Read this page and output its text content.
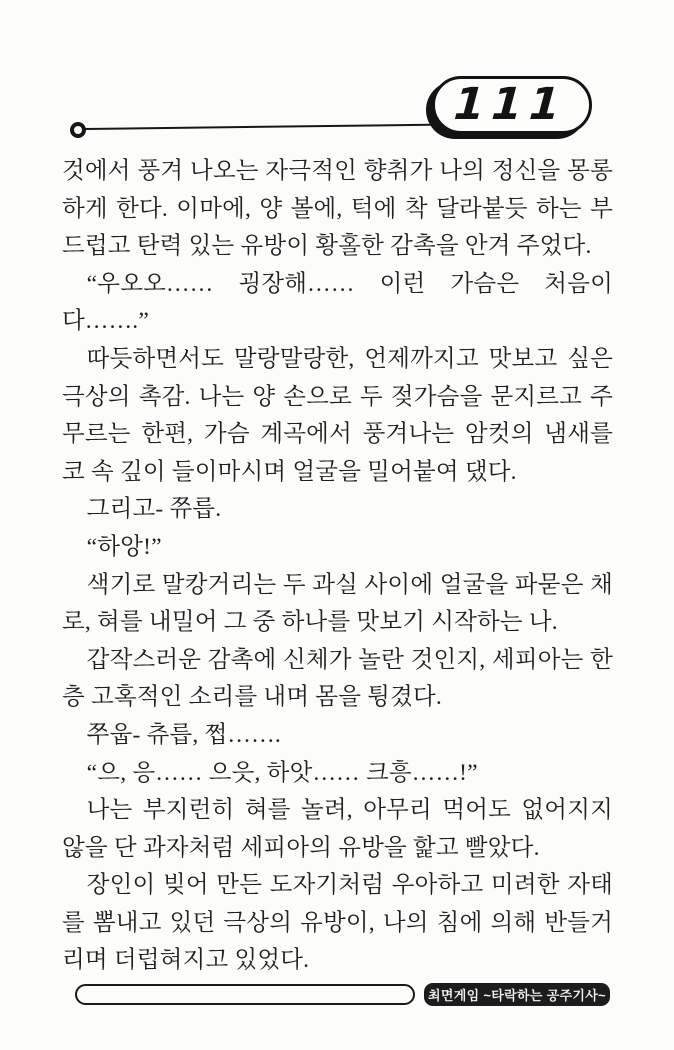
111

것에서 풍겨 나오는 자극적인 향취가 나의 정신을 몽롱하게 한다. 이마에, 양 볼에, 턱에 착 달라붙듯 하는 부드럽고 탄력 있는 유방이 황홀한 감촉을 안겨 주었다.

“우오오…… 굉장해…… 이런 가슴은 처음이다…….”

따듯하면서도 말랑말랑한, 언제까지고 맛보고 싶은 극상의 촉감. 나는 양 손으로 두 젖가슴을 문지르고 주무르는 한편, 가슴 계곡에서 풍겨나는 암컷의 냄새를 코 속 깊이 들이마시며 얼굴을 밀어붙여 댔다.

그리고- 쮸릅.

“하앙!”

색기로 말캉거리는 두 과실 사이에 얼굴을 파묻은 채로, 혀를 내밀어 그 중 하나를 맛보기 시작하는 나.

갑작스러운 감촉에 신체가 놀란 것인지, 세피아는 한층 고혹적인 소리를 내며 몸을 튕겼다.

쭈웁- 츄릅, 쩝…….

“으, 응…… 으읏, 하앗…… 크흥……!”

나는 부지런히 혀를 놀려, 아무리 먹어도 없어지지 않을 단 과자처럼 세피아의 유방을 핥고 빨았다.

장인이 빚어 만든 도자기처럼 우아하고 미려한 자태를 뽐내고 있던 극상의 유방이, 나의 침에 의해 반들거리며 더럽혀지고 있었다.

최면게임 ~타락하는 공주기사~
